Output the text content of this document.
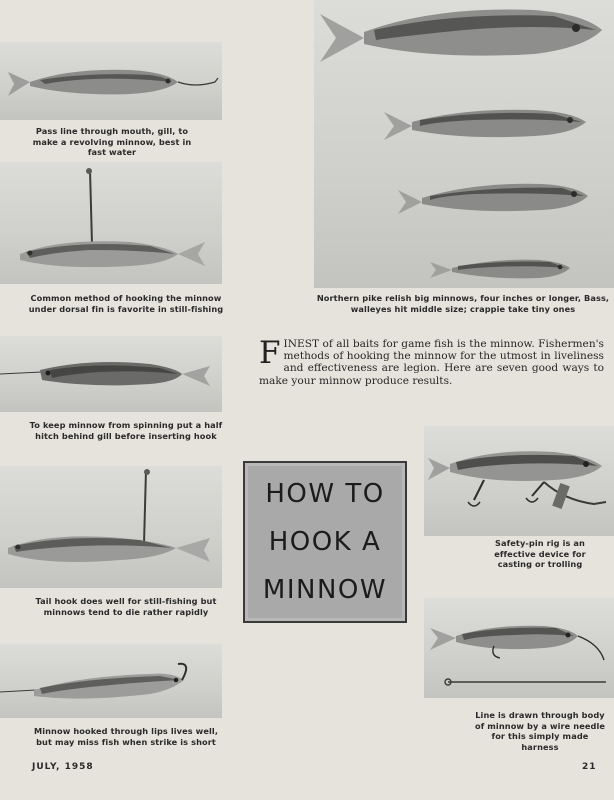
Pass line through mouth, gill, to make a revolving minnow, best in fast water
Common method of hooking the minnow under dorsal fin is favorite in still-fishing
To keep minnow from spinning put a half hitch behind gill before inserting hook
Tail hook does well for still-fishing but minnows tend to die rather rapidly
Minnow hooked through lips lives well, but may miss fish when strike is short
Northern pike relish big minnows, four inches or longer, Bass, walleyes hit middle size; crappie take tiny ones
FINEST of all baits for game fish is the minnow. Fishermen's methods of hooking the minnow for the utmost in liveliness and effectiveness are legion. Here are seven good ways to make your minnow produce results.
HOW TO
HOOK A
MINNOW
Safety-pin rig is an effective device for casting or trolling
Line is drawn through body of minnow by a wire needle for this simply made harness
JULY, 1958	21
